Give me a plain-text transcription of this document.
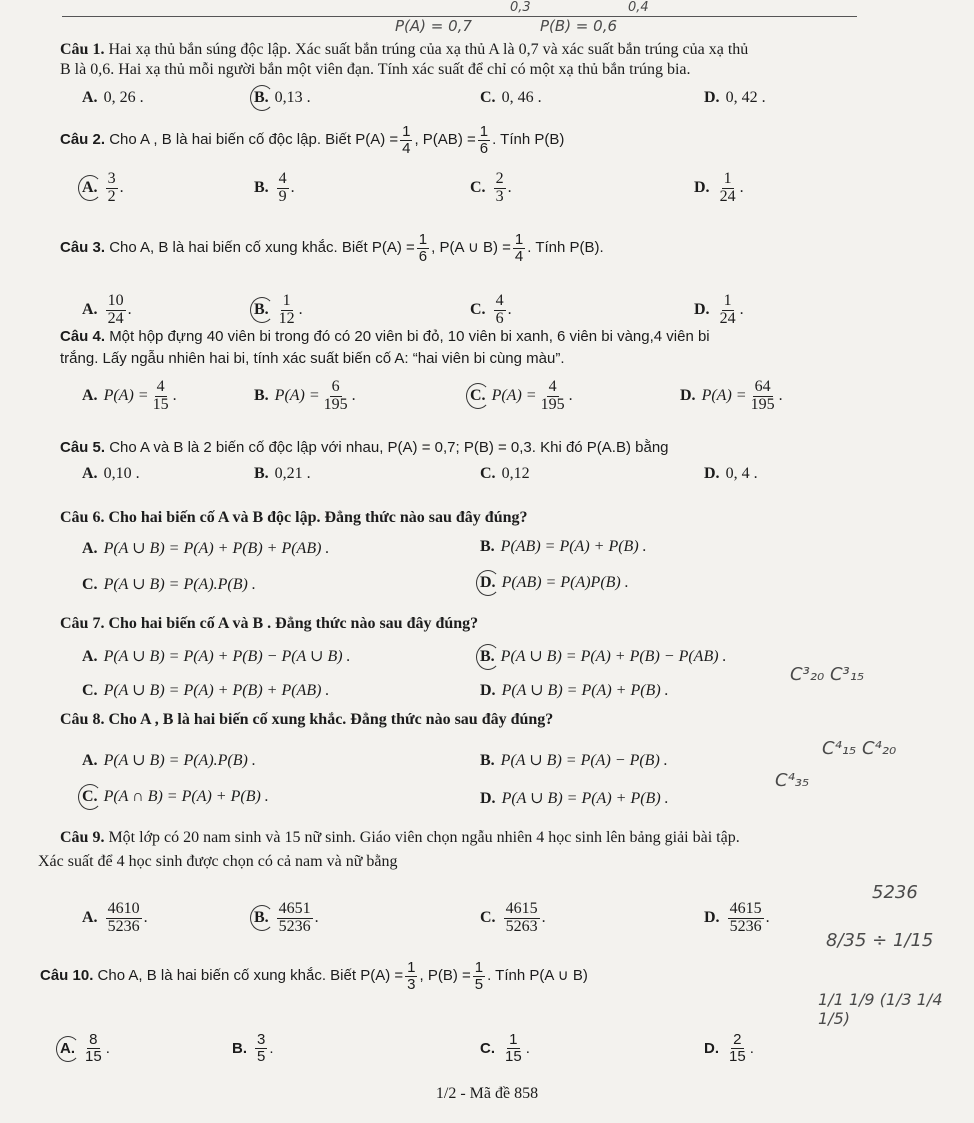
0,3	0,4
P(A) = 0,7	P(B) = 0,6
Câu 1. Hai xạ thủ bắn súng độc lập. Xác suất bắn trúng của xạ thủ A là 0,7 và xác suất bắn trúng của xạ thủ
B là 0,6. Hai xạ thủ mỗi người bắn một viên đạn. Tính xác suất để chỉ có một xạ thủ bắn trúng bia.
A. 0, 26 .	B. 0,13 .	C. 0, 46 .	D. 0, 42 .
Câu 2.
Cho A , B là hai biến cố độc lập. Biết
$P(A) = \frac{1}{4}$ , $P(AB) = \frac{1}{6}$ . Tính P(B)
A. $\frac{3}{2}$ .	B. $\frac{4}{9}$ .	C. $\frac{2}{3}$ .	D. $\frac{1}{24}$ .
Câu 3.
Cho A, B là hai biến cố xung khắc. Biết
$P(A) = \frac{1}{6}$ , P(A ∪ $B) = \frac{1}{4}$ . Tính P(B).
A. $\frac{10}{24}$ .	B. $\frac{1}{12}$ .	C. $\frac{4}{6}$ .	D. $\frac{1}{24}$ .
Câu 4. Một hộp đựng 40 viên bi trong đó có 20 viên bi đỏ, 10 viên bi xanh, 6 viên bi vàng,4 viên bi
trắng. Lấy ngẫu nhiên hai bi, tính xác suất biến cố A: “hai viên bi cùng màu”.
A. $P(A) = \frac{4}{15}$ .	B. $P(A) = \frac{6}{195}$ .	C. $P(A) = \frac{4}{195}$ .	D. $P(A) = \frac{64}{195}$ .
Câu 5. Cho A và B là 2 biến cố độc lập với nhau, P(A) = 0,7; P(B) = 0,3. Khi đó P(A.B) bằng
A. 0,10 .	B. 0,21 .	C. 0,12	D. 0, 4 .
Câu 6. Cho hai biến cố A và B độc lập. Đẳng thức nào sau đây đúng?
A. P(A ∪ B) = P(A) + P(B) + P(AB) .	B. P(AB) = P(A) + P(B) .
C. P(A ∪ B) = P(A).P(B) .	D. P(AB) = P(A)P(B) .
Câu 7. Cho hai biến cố A và B . Đẳng thức nào sau đây đúng?
A. P(A ∪ B) = P(A) + P(B) − P(A ∪ B) .	B. P(A ∪ B) = P(A) + P(B) − P(AB) .
C. P(A ∪ B) = P(A) + P(B) + P(AB) .	D. P(A ∪ B) = P(A) + P(B) .
C³₂₀ C³₁₅
Câu 8. Cho A , B là hai biến cố xung khắc. Đẳng thức nào sau đây đúng?
A. P(A ∪ B) = P(A).P(B) .	B. P(A ∪ B) = P(A) − P(B) .
C. P(A ∩ B) = P(A) + P(B) .	D. P(A ∪ B) = P(A) + P(B) .
C⁴₁₅ C⁴₂₀
C⁴₃₅
Câu 9. Một lớp có 20 nam sinh và 15 nữ sinh. Giáo viên chọn ngẫu nhiên 4 học sinh lên bảng giải bài tập.
Xác suất để 4 học sinh được chọn có cả nam và nữ bằng
A. $\frac{4610}{5236}$ .	B. $\frac{4651}{5236}$ .	C. $\frac{4615}{5263}$ .	D. $\frac{4615}{5236}$ .
5236
8/35 ÷ 1/15
Câu 10.
Cho A, B là hai biến cố xung khắc. Biết
$P(A) = \frac{1}{3}$ , $P(B) = \frac{1}{5}$ . Tính P(A ∪ B)
1/1 1/9 (1/3 1/4 1/5)
A. $\frac{8}{15}$ .	B. $\frac{3}{5}$ .	C. $\frac{1}{15}$ .	D. $\frac{2}{15}$ .
1/2 - Mã đề 858
